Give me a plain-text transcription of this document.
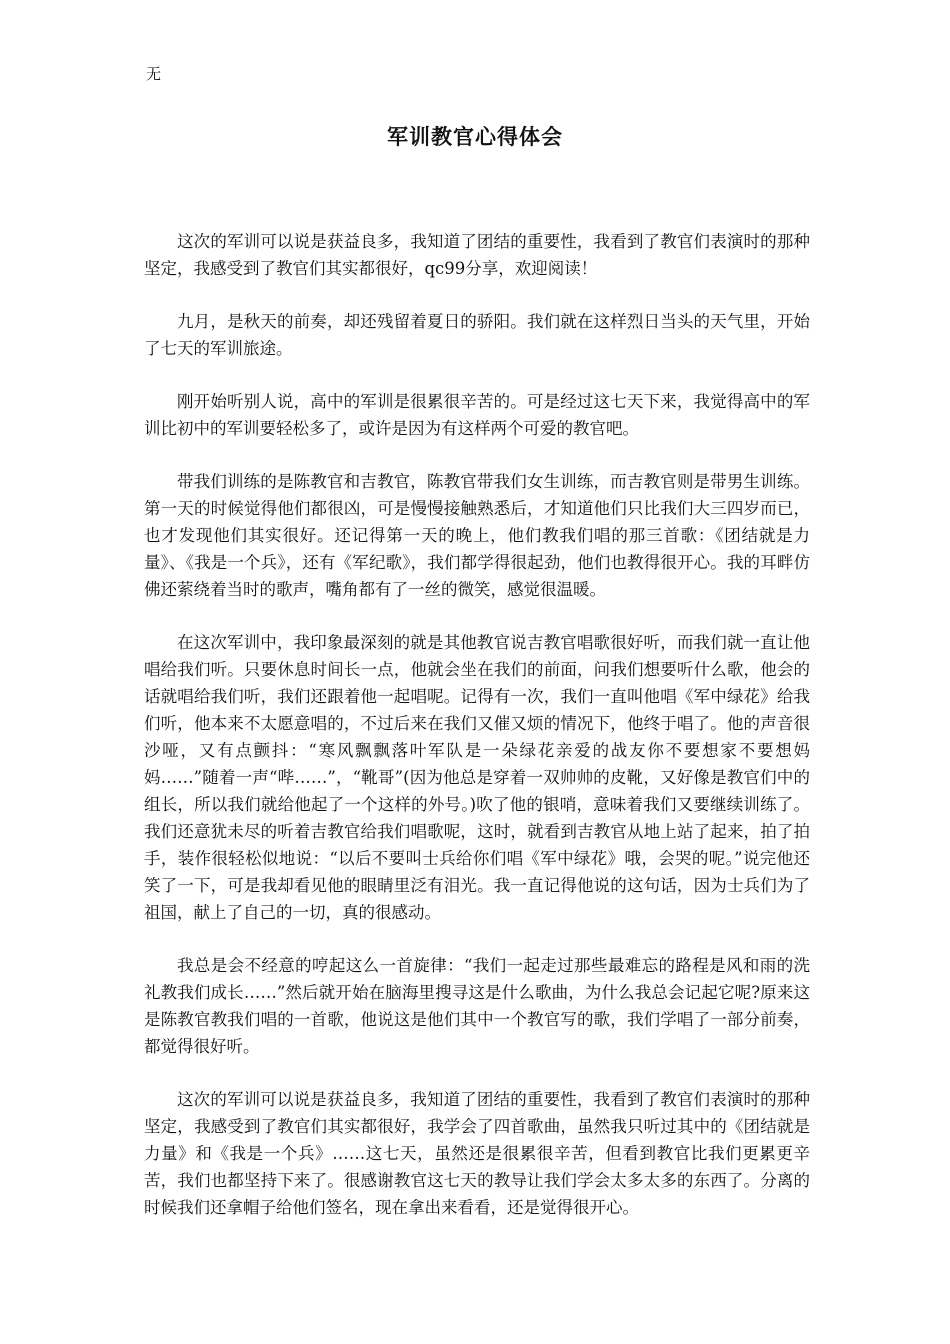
无
军训教官心得体会

这次的军训可以说是获益良多，我知道了团结的重要性，我看到了教官们表演时的那种坚定，我感受到了教官们其实都很好，qc99分享，欢迎阅读！

九月，是秋天的前奏，却还残留着夏日的骄阳。我们就在这样烈日当头的天气里，开始了七天的军训旅途。

刚开始听别人说，高中的军训是很累很辛苦的。可是经过这七天下来，我觉得高中的军训比初中的军训要轻松多了，或许是因为有这样两个可爱的教官吧。

带我们训练的是陈教官和吉教官，陈教官带我们女生训练，而吉教官则是带男生训练。第一天的时候觉得他们都很凶，可是慢慢接触熟悉后，才知道他们只比我们大三四岁而已，也才发现他们其实很好。还记得第一天的晚上，他们教我们唱的那三首歌：《团结就是力量》、《我是一个兵》，还有《军纪歌》，我们都学得很起劲，他们也教得很开心。我的耳畔仿佛还萦绕着当时的歌声，嘴角都有了一丝的微笑，感觉很温暖。

在这次军训中，我印象最深刻的就是其他教官说吉教官唱歌很好听，而我们就一直让他唱给我们听。只要休息时间长一点，他就会坐在我们的前面，问我们想要听什么歌，他会的话就唱给我们听，我们还跟着他一起唱呢。记得有一次，我们一直叫他唱《军中绿花》给我们听，他本来不太愿意唱的，不过后来在我们又催又烦的情况下，他终于唱了。他的声音很沙哑，又有点颤抖：“寒风飘飘落叶军队是一朵绿花亲爱的战友你不要想家不要想妈妈……”随着一声“哔……”，“靴哥”(因为他总是穿着一双帅帅的皮靴，又好像是教官们中的组长，所以我们就给他起了一个这样的外号。)吹了他的银哨，意味着我们又要继续训练了。我们还意犹未尽的听着吉教官给我们唱歌呢，这时，就看到吉教官从地上站了起来，拍了拍手，装作很轻松似地说：“以后不要叫士兵给你们唱《军中绿花》哦，会哭的呢。”说完他还笑了一下，可是我却看见他的眼睛里泛有泪光。我一直记得他说的这句话，因为士兵们为了祖国，献上了自己的一切，真的很感动。

我总是会不经意的哼起这么一首旋律：“我们一起走过那些最难忘的路程是风和雨的洗礼教我们成长……”然后就开始在脑海里搜寻这是什么歌曲，为什么我总会记起它呢?原来这是陈教官教我们唱的一首歌，他说这是他们其中一个教官写的歌，我们学唱了一部分前奏，都觉得很好听。

这次的军训可以说是获益良多，我知道了团结的重要性，我看到了教官们表演时的那种坚定，我感受到了教官们其实都很好，我学会了四首歌曲，虽然我只听过其中的《团结就是力量》和《我是一个兵》……这七天，虽然还是很累很辛苦，但看到教官比我们更累更辛苦，我们也都坚持下来了。很感谢教官这七天的教导让我们学会太多太多的东西了。分离的时候我们还拿帽子给他们签名，现在拿出来看看，还是觉得很开心。
